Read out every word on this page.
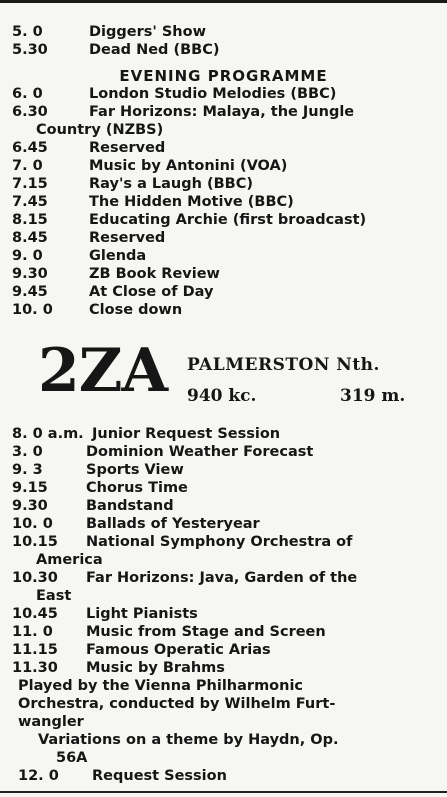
5. 0	Diggers' Show
5.30	Dead Ned (BBC)
EVENING PROGRAMME
6. 0	London Studio Melodies (BBC)
6.30	Far Horizons: Malaya, the Jungle
Country (NZBS)
6.45	Reserved
7. 0	Music by Antonini (VOA)
7.15	Ray's a Laugh (BBC)
7.45	The Hidden Motive (BBC)
8.15	Educating Archie (first broadcast)
8.45	Reserved
9. 0	Glenda
9.30	ZB Book Review
9.45	At Close of Day
10. 0	Close down
2ZA PALMERSTON Nth.
940 kc.	319 m.
8. 0 a.m. Junior Request Session
3. 0	Dominion Weather Forecast
9. 3	Sports View
9.15	Chorus Time
9.30	Bandstand
10. 0	Ballads of Yesteryear
10.15	National Symphony Orchestra of
America
10.30	Far Horizons: Java, Garden of the
East
10.45	Light Pianists
11. 0	Music from Stage and Screen
11.15	Famous Operatic Arias
11.30	Music by Brahms
Played by the Vienna Philharmonic
Orchestra, conducted by Wilhelm Furt-
wangler
Variations on a theme by Haydn, Op.
56A
12. 0	Request Session
